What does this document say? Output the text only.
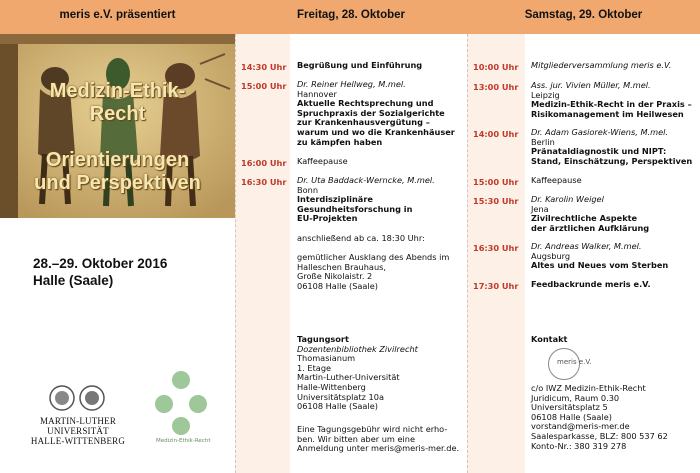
meris e.V. präsentiert	Freitag, 28. Oktober	Samstag, 29. Oktober
Medizin-Ethik-
Recht
Orientierungen
und Perspektiven
28.–29. Oktober 2016
Halle (Saale)
MARTIN-LUTHER
UNIVERSITÄT
HALLE-WITTENBERG	Medizin-Ethik-Recht
14:30 Uhr Begrüßung und Einführung
15:00 Uhr Dr. Reiner Hellweg, M.mel.
Hannover
Aktuelle Rechtsprechung und
Spruchpraxis der Sozialgerichte
zur Krankenhausvergütung –
warum und wo die Krankenhäuser
zu kämpfen haben
16:00 Uhr Kaffeepause
16:30 Uhr Dr. Uta Baddack-Werncke, M.mel.
Bonn
Interdisziplinäre
Gesundheitsforschung in
EU-Projekten
anschließend ab ca. 18:30 Uhr:
gemütlicher Ausklang des Abends im
Halleschen Brauhaus,
Große Nikolaistr. 2
06108 Halle (Saale)
Tagungsort
Dozentenbibliothek Zivilrecht
Thomasianum
1. Etage
Martin-Luther-Universität
Halle-Wittenberg
Universitätsplatz 10a
06108 Halle (Saale)
Eine Tagungsgebühr wird nicht erho-
ben. Wir bitten aber um eine
Anmeldung unter meris@meris-mer.de.
10:00 Uhr Mitgliederversammlung meris e.V.
13:00 Uhr Ass. jur. Vivien Müller, M.mel.
Leipzig
Medizin-Ethik-Recht in der Praxis –
Risikomanagement im Heilwesen
14:00 Uhr Dr. Adam Gasiorek-Wiens, M.mel.
Berlin
Pränataldiagnostik und NIPT:
Stand, Einschätzung, Perspektiven
15:00 Uhr Kaffeepause
15:30 Uhr Dr. Karolin Weigel
Jena
Zivilrechtliche Aspekte
der ärztlichen Aufklärung
16:30 Uhr Dr. Andreas Walker, M.mel.
Augsburg
Altes und Neues vom Sterben
17:30 Uhr Feedbackrunde meris e.V.
Kontakt
meris e.V.
c/o IWZ Medizin-Ethik-Recht
Juridicum, Raum 0.30
Universitätsplatz 5
06108 Halle (Saale)
vorstand@meris-mer.de
Saalesparkasse, BLZ: 800 537 62
Konto-Nr.: 380 319 278
